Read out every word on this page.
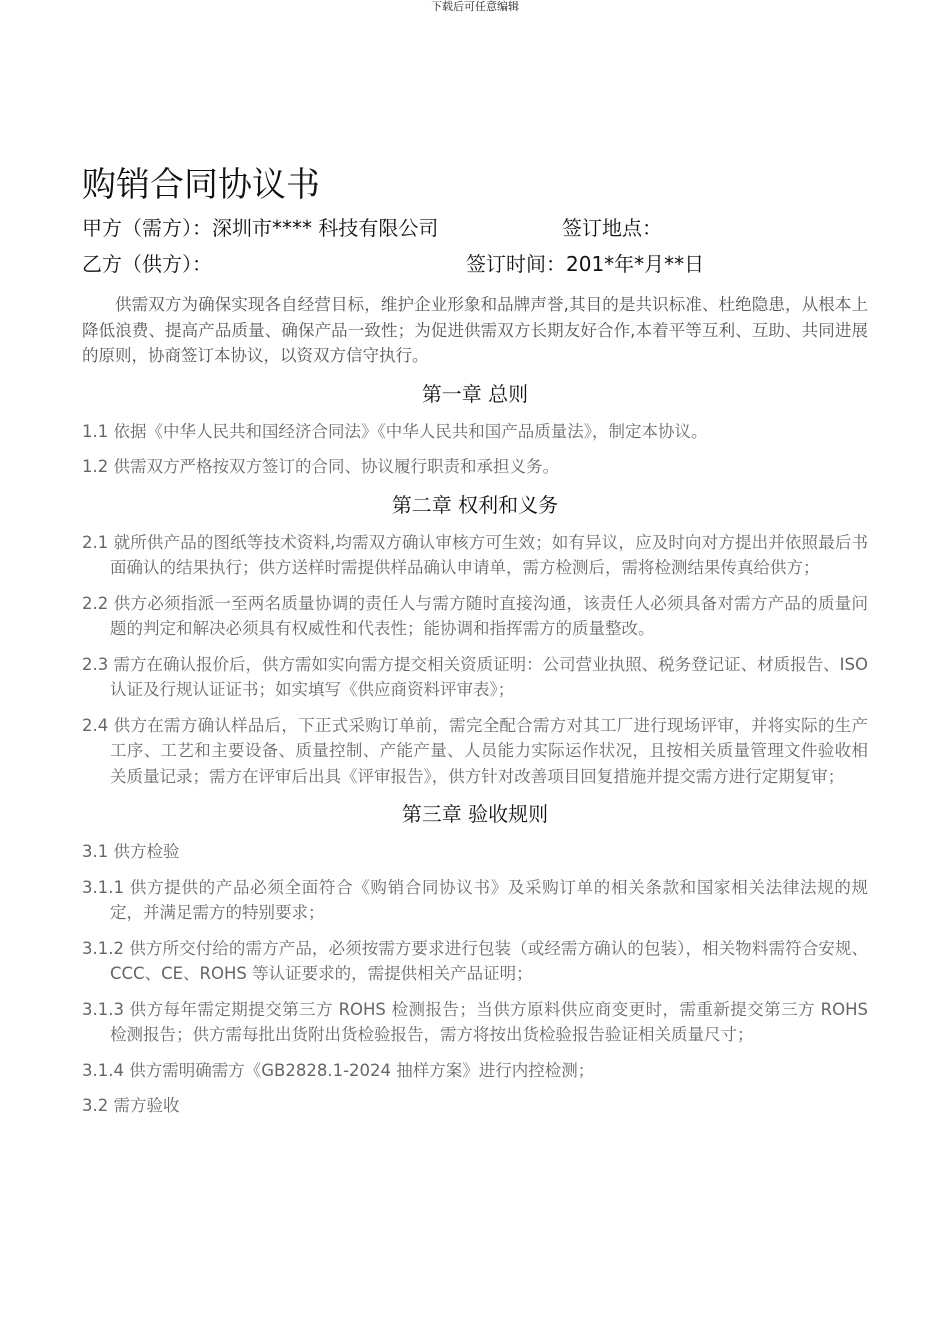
下载后可任意编辑
购销合同协议书
甲方（需方）：深圳市**** 科技有限公司	签订地点：
乙方（供方）：	签订时间：201*年*月**日

供需双方为确保实现各自经营目标，维护企业形象和品牌声誉,其目的是共识标准、杜绝隐患，从根本上降低浪费、提高产品质量、确保产品一致性；为促进供需双方长期友好合作,本着平等互利、互助、共同进展的原则，协商签订本协议，以资双方信守执行。

第一章 总则

1.1 依据《中华人民共和国经济合同法》《中华人民共和国产品质量法》，制定本协议。

1.2 供需双方严格按双方签订的合同、协议履行职责和承担义务。

第二章 权利和义务

2.1 就所供产品的图纸等技术资料,均需双方确认审核方可生效；如有异议，应及时向对方提出并依照最后书面确认的结果执行；供方送样时需提供样品确认申请单，需方检测后，需将检测结果传真给供方；

2.2 供方必须指派一至两名质量协调的责任人与需方随时直接沟通，该责任人必须具备对需方产品的质量问题的判定和解决必须具有权威性和代表性；能协调和指挥需方的质量整改。

2.3 需方在确认报价后，供方需如实向需方提交相关资质证明：公司营业执照、税务登记证、材质报告、ISO 认证及行规认证证书；如实填写《供应商资料评审表》；

2.4 供方在需方确认样品后，下正式采购订单前，需完全配合需方对其工厂进行现场评审，并将实际的生产工序、工艺和主要设备、质量控制、产能产量、人员能力实际运作状况，且按相关质量管理文件验收相关质量记录；需方在评审后出具《评审报告》，供方针对改善项目回复措施并提交需方进行定期复审；

第三章 验收规则

3.1 供方检验

3.1.1 供方提供的产品必须全面符合《购销合同协议书》及采购订单的相关条款和国家相关法律法规的规定，并满足需方的特别要求；

3.1.2 供方所交付给的需方产品，必须按需方要求进行包装（或经需方确认的包装），相关物料需符合安规、CCC、CE、ROHS 等认证要求的，需提供相关产品证明；

3.1.3 供方每年需定期提交第三方 ROHS 检测报告；当供方原料供应商变更时，需重新提交第三方 ROHS 检测报告；供方需每批出货附出货检验报告，需方将按出货检验报告验证相关质量尺寸；

3.1.4 供方需明确需方《GB2828.1-2024 抽样方案》进行内控检测；

3.2 需方验收
